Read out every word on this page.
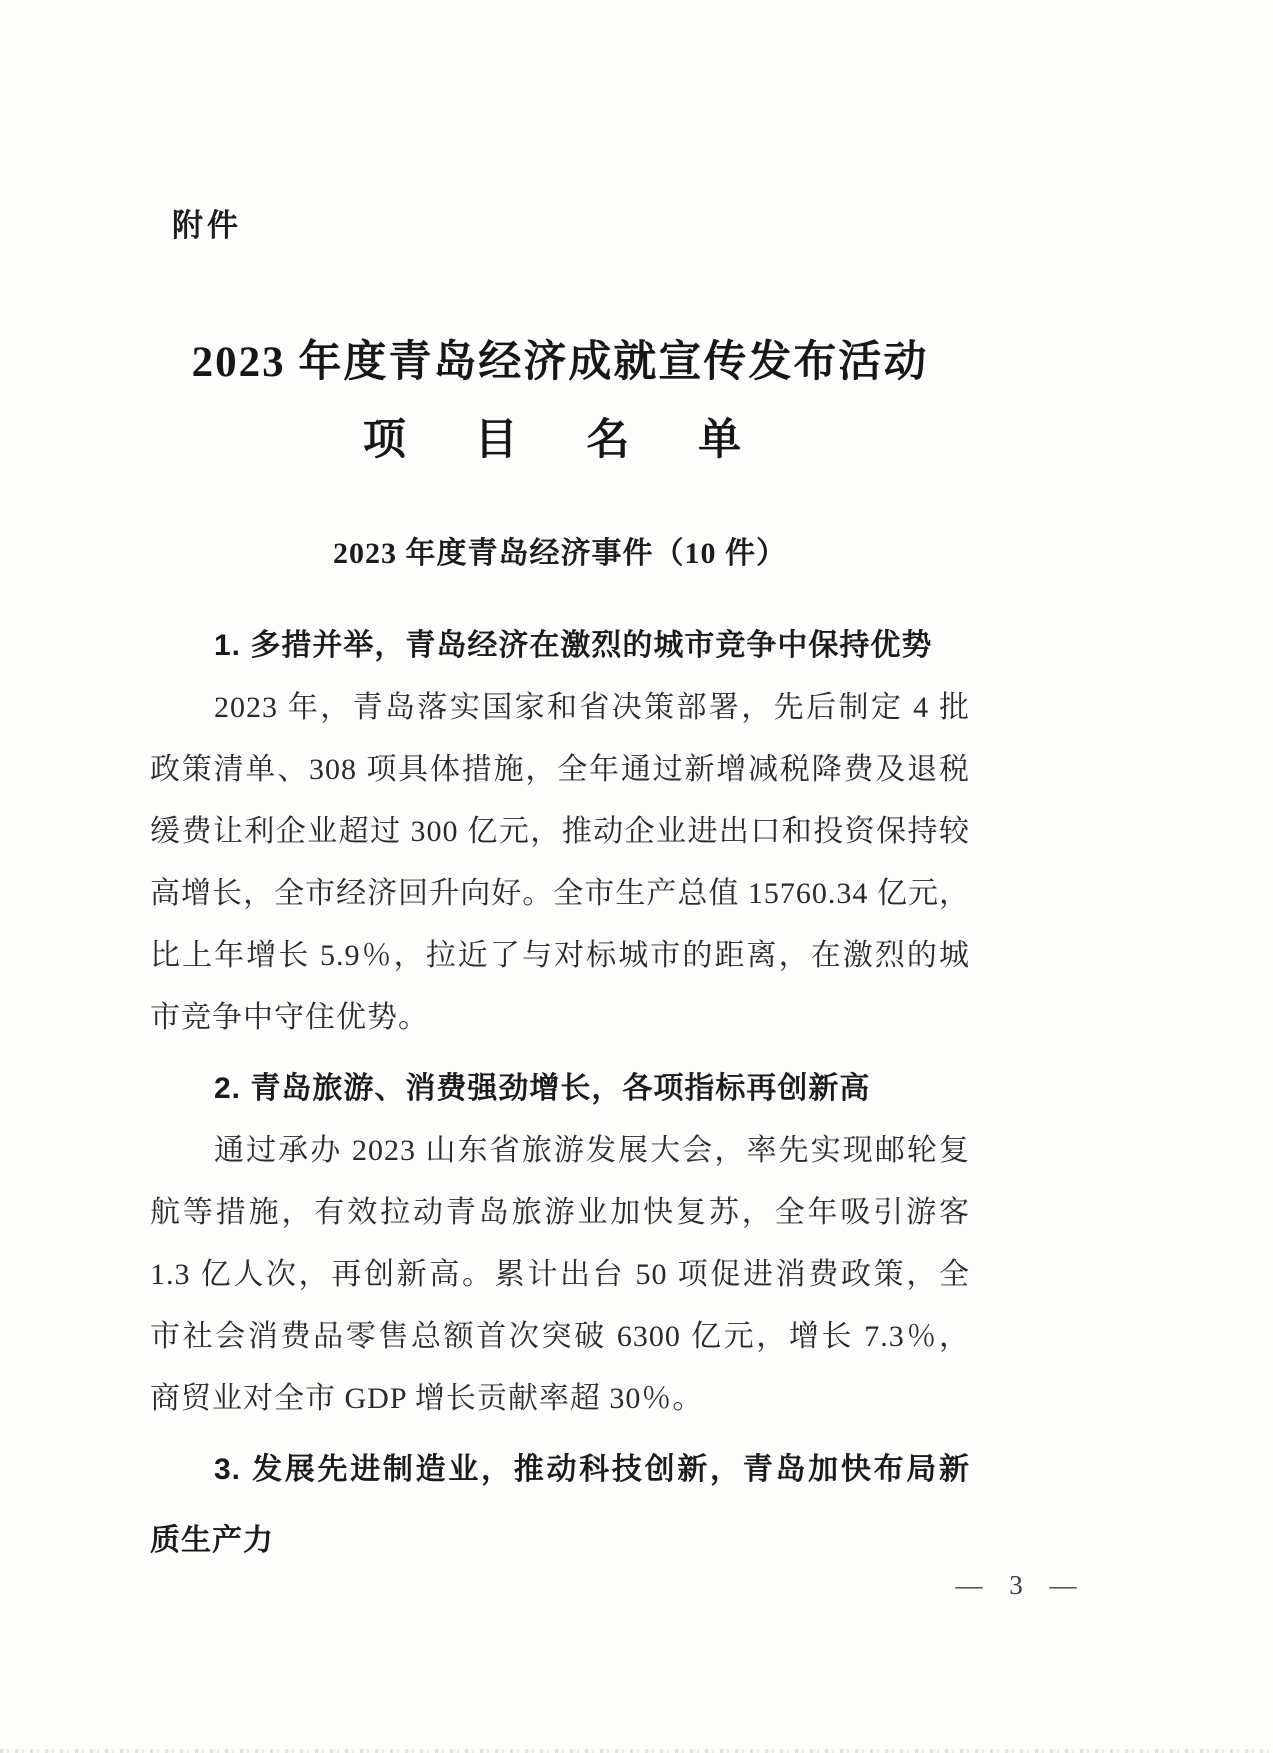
附件
2023 年度青岛经济成就宣传发布活动
项 目 名 单
2023 年度青岛经济事件（10 件）
1. 多措并举，青岛经济在激烈的城市竞争中保持优势
2023 年，青岛落实国家和省决策部署，先后制定 4 批
政策清单、308 项具体措施，全年通过新增减税降费及退税
缓费让利企业超过 300 亿元，推动企业进出口和投资保持较
高增长，全市经济回升向好。全市生产总值 15760.34 亿元，
比上年增长 5.9％，拉近了与对标城市的距离，在激烈的城
市竞争中守住优势。
2. 青岛旅游、消费强劲增长，各项指标再创新高
通过承办 2023 山东省旅游发展大会，率先实现邮轮复
航等措施，有效拉动青岛旅游业加快复苏，全年吸引游客
1.3 亿人次，再创新高。累计出台 50 项促进消费政策，全
市社会消费品零售总额首次突破 6300 亿元，增长 7.3％，
商贸业对全市 GDP 增长贡献率超 30％。
3. 发展先进制造业，推动科技创新，青岛加快布局新
质生产力
— 3 —
